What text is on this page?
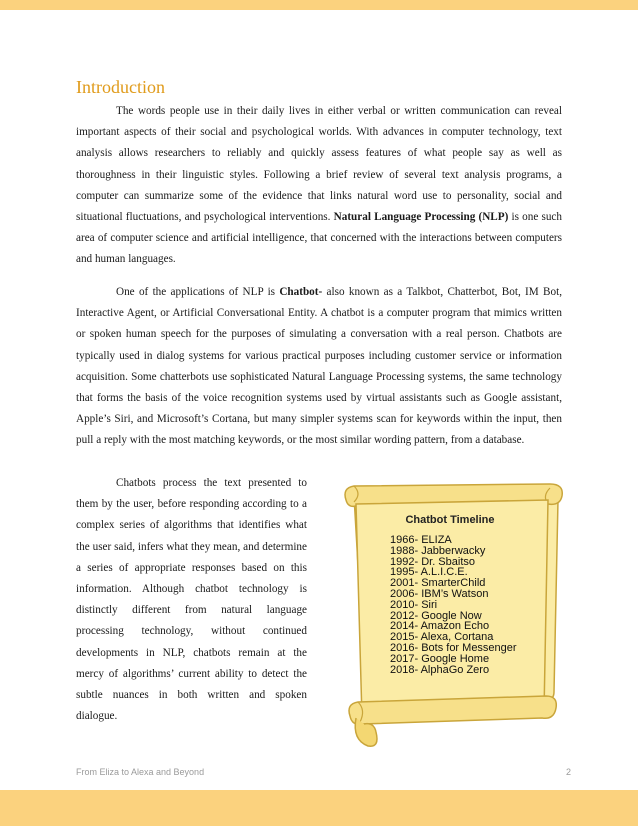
Introduction

The words people use in their daily lives in either verbal or written communication can reveal important aspects of their social and psychological worlds. With advances in computer technology, text analysis allows researchers to reliably and quickly assess features of what people say as well as thoroughness in their linguistic styles. Following a brief review of several text analysis programs, a computer can summarize some of the evidence that links natural word use to personality, social and situational fluctuations, and psychological interventions. Natural Language Processing (NLP) is one such area of computer science and artificial intelligence, that concerned with the interactions between computers and human languages.

One of the applications of NLP is Chatbot- also known as a Talkbot, Chatterbot, Bot, IM Bot, Interactive Agent, or Artificial Conversational Entity. A chatbot is a computer program that mimics written or spoken human speech for the purposes of simulating a conversation with a real person. Chatbots are typically used in dialog systems for various practical purposes including customer service or information acquisition. Some chatterbots use sophisticated Natural Language Processing systems, the same technology that forms the basis of the voice recognition systems used by virtual assistants such as Google assistant, Apple’s Siri, and Microsoft’s Cortana, but many simpler systems scan for keywords within the input, then pull a reply with the most matching keywords, or the most similar wording pattern, from a database.

Chatbots process the text presented to them by the user, before responding according to a complex series of algorithms that identifies what the user said, infers what they mean, and determine a series of appropriate responses based on this information. Although chatbot technology is distinctly different from natural language processing technology, without continued developments in NLP, chatbots remain at the mercy of algorithms’ current ability to detect the subtle nuances in both written and spoken dialogue.

Chatbot Timeline
1966- ELIZA
1988- Jabberwacky
1992- Dr. Sbaitso
1995- A.L.I.C.E.
2001- SmarterChild
2006- IBM’s Watson
2010- Siri
2012- Google Now
2014- Amazon Echo
2015- Alexa, Cortana
2016- Bots for Messenger
2017- Google Home
2018- AlphaGo Zero
From Eliza to Alexa and Beyond	2
